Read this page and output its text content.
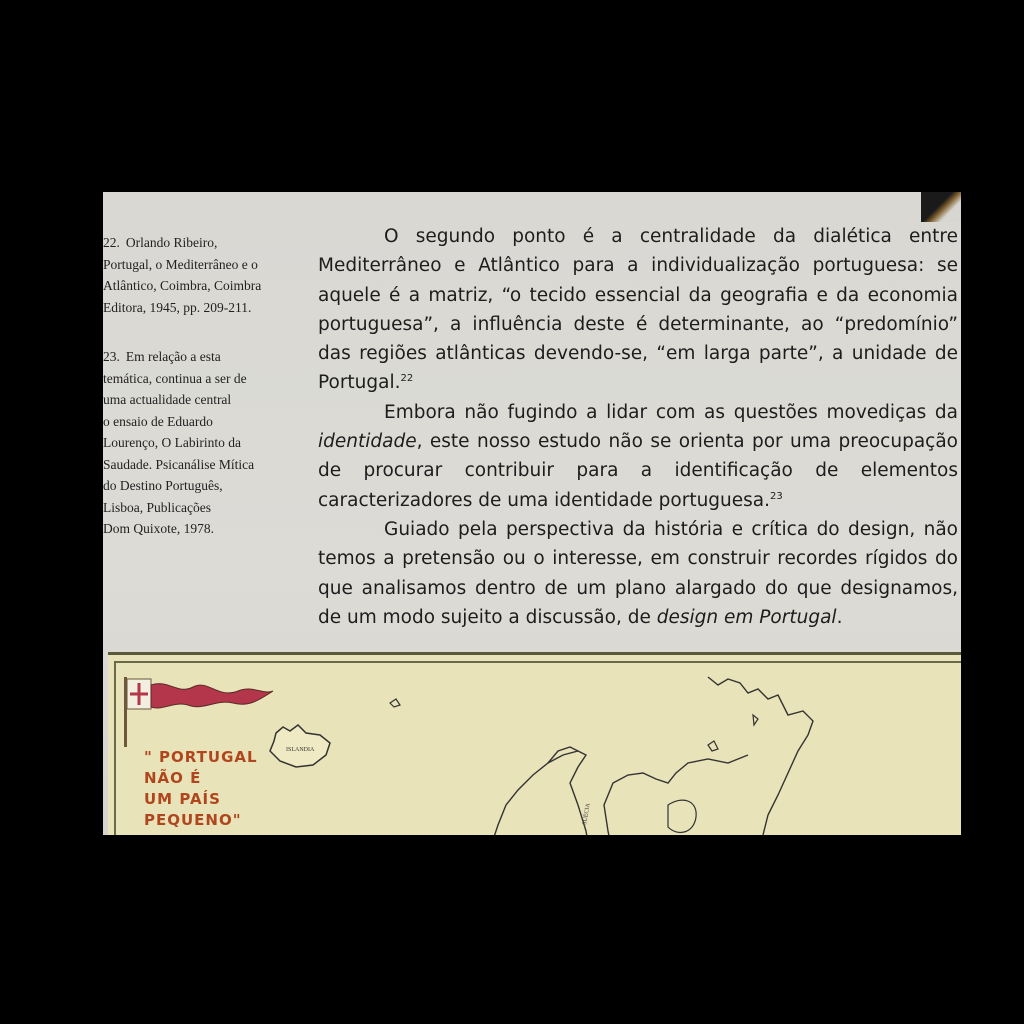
22. Orlando Ribeiro,
Portugal, o Mediterrâneo e o
Atlântico, Coimbra, Coimbra
Editora, 1945, pp. 209-211.
23. Em relação a esta
temática, continua a ser de
uma actualidade central
o ensaio de Eduardo
Lourenço, O Labirinto da
Saudade. Psicanálise Mítica
do Destino Português,
Lisboa, Publicações
Dom Quixote, 1978.

O segundo ponto é a centralidade da dialética entre Mediterrâneo e Atlântico para a individualização portuguesa: se aquele é a matriz, “o tecido essencial da geografia e da economia portuguesa”, a influência deste é determinante, ao “predomínio” das regiões atlânticas devendo-se, “em larga parte”, a unidade de Portugal.$^{22}$

Embora não fugindo a lidar com as questões movediças da identidade, este nosso estudo não se orienta por uma preocupação de procurar contribuir para a identificação de elementos caracterizadores de uma identidade portuguesa.$^{23}$

Guiado pela perspectiva da história e crítica do design, não temos a pretensão ou o interesse, em construir recordes rígidos do que analisamos dentro de um plano alargado do que designamos, de um modo sujeito a discussão, de design em Portugal.

ISLANDIA
SUÉCIA
" PORTUGAL
NÃO É
UM PAÍS
PEQUENO"
